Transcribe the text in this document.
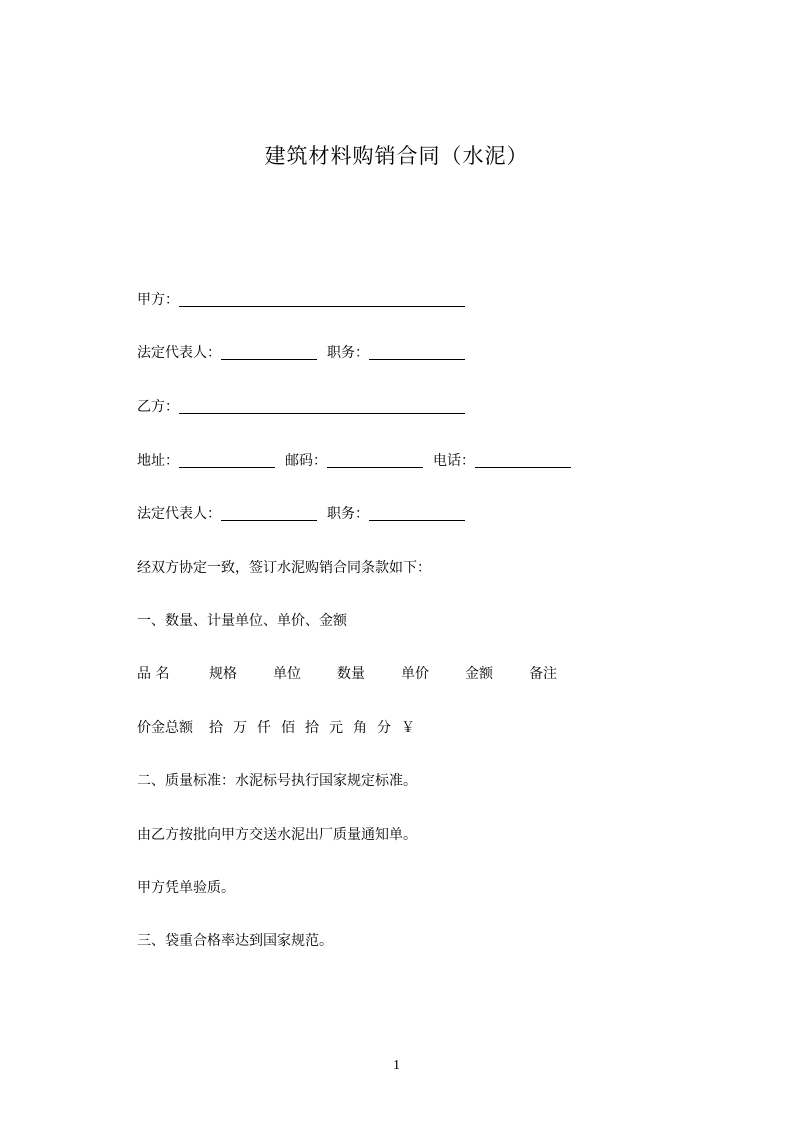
建筑材料购销合同（水泥）
甲方：
法定代表人：	职务：
乙方：
地址：	邮码：	电话：
法定代表人：	职务：
经双方协定一致，签订水泥购销合同条款如下：
一、数量、计量单位、单价、金额
品 名	规格	单位	数量	单价	金额	备注
价金总额 拾 万 仟 佰 拾 元 角 分 ￥
二、质量标准：水泥标号执行国家规定标准。
由乙方按批向甲方交送水泥出厂质量通知单。
甲方凭单验质。
三、袋重合格率达到国家规范。
1
